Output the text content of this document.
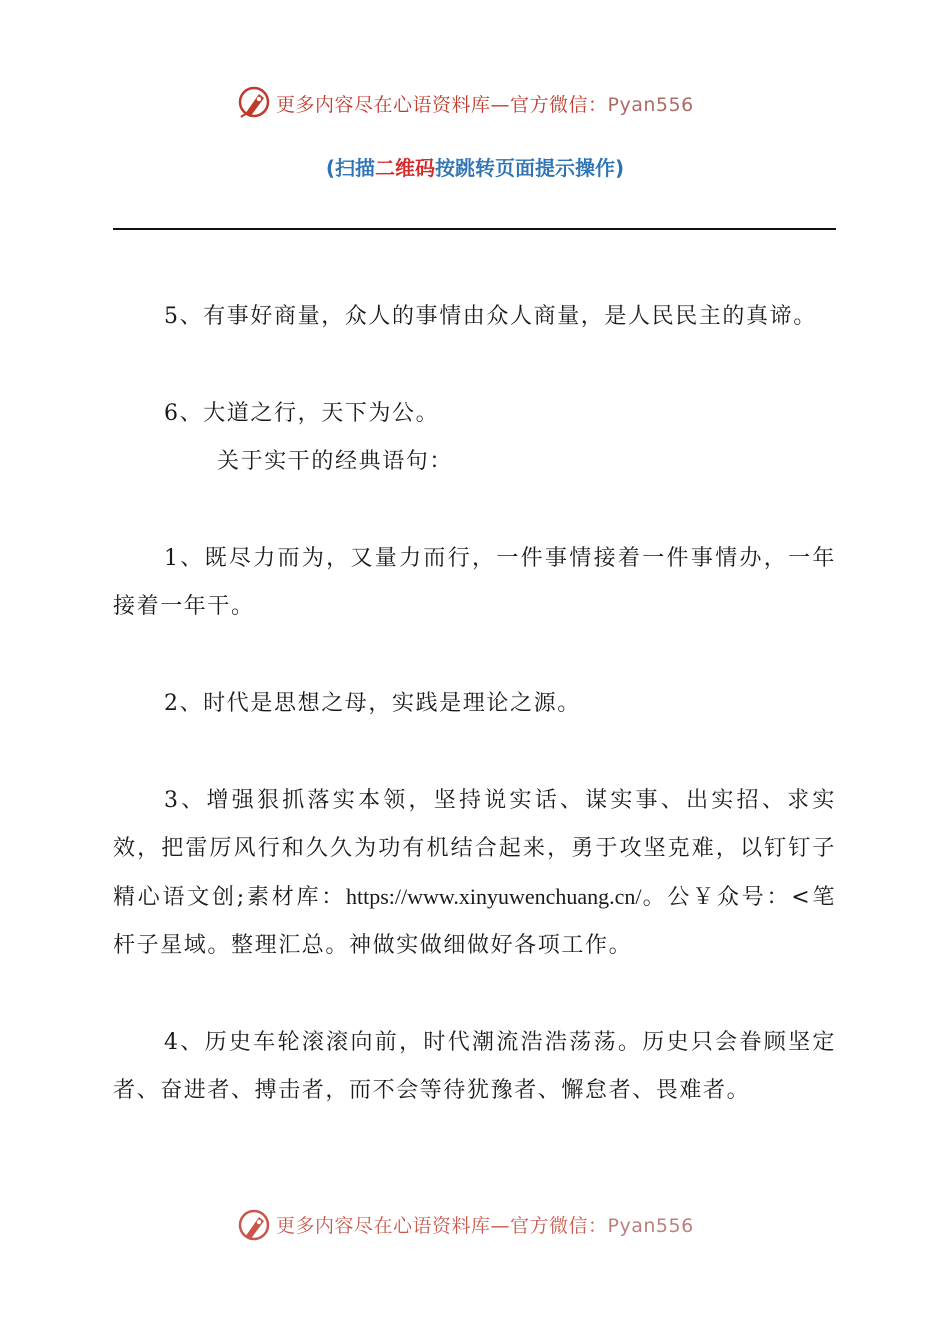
更多内容尽在心语资料库—官方微信：Pyan556
(扫描二维码按跳转页面提示操作)
5、有事好商量，众人的事情由众人商量，是人民民主的真谛。
6、大道之行，天下为公。
关于实干的经典语句：
1、既尽力而为，又量力而行，一件事情接着一件事情办，一年接着一年干。
2、时代是思想之母，实践是理论之源。
3、增强狠抓落实本领，坚持说实话、谋实事、出实招、求实效，把雷厉风行和久久为功有机结合起来，勇于攻坚克难，以钉钉子精心语文创;素材库：https://www.xinyuwenchuang.cn/。公￥众号：<笔杆子星域。整理汇总。神做实做细做好各项工作。
4、历史车轮滚滚向前，时代潮流浩浩荡荡。历史只会眷顾坚定者、奋进者、搏击者，而不会等待犹豫者、懈怠者、畏难者。
更多内容尽在心语资料库—官方微信：Pyan556
